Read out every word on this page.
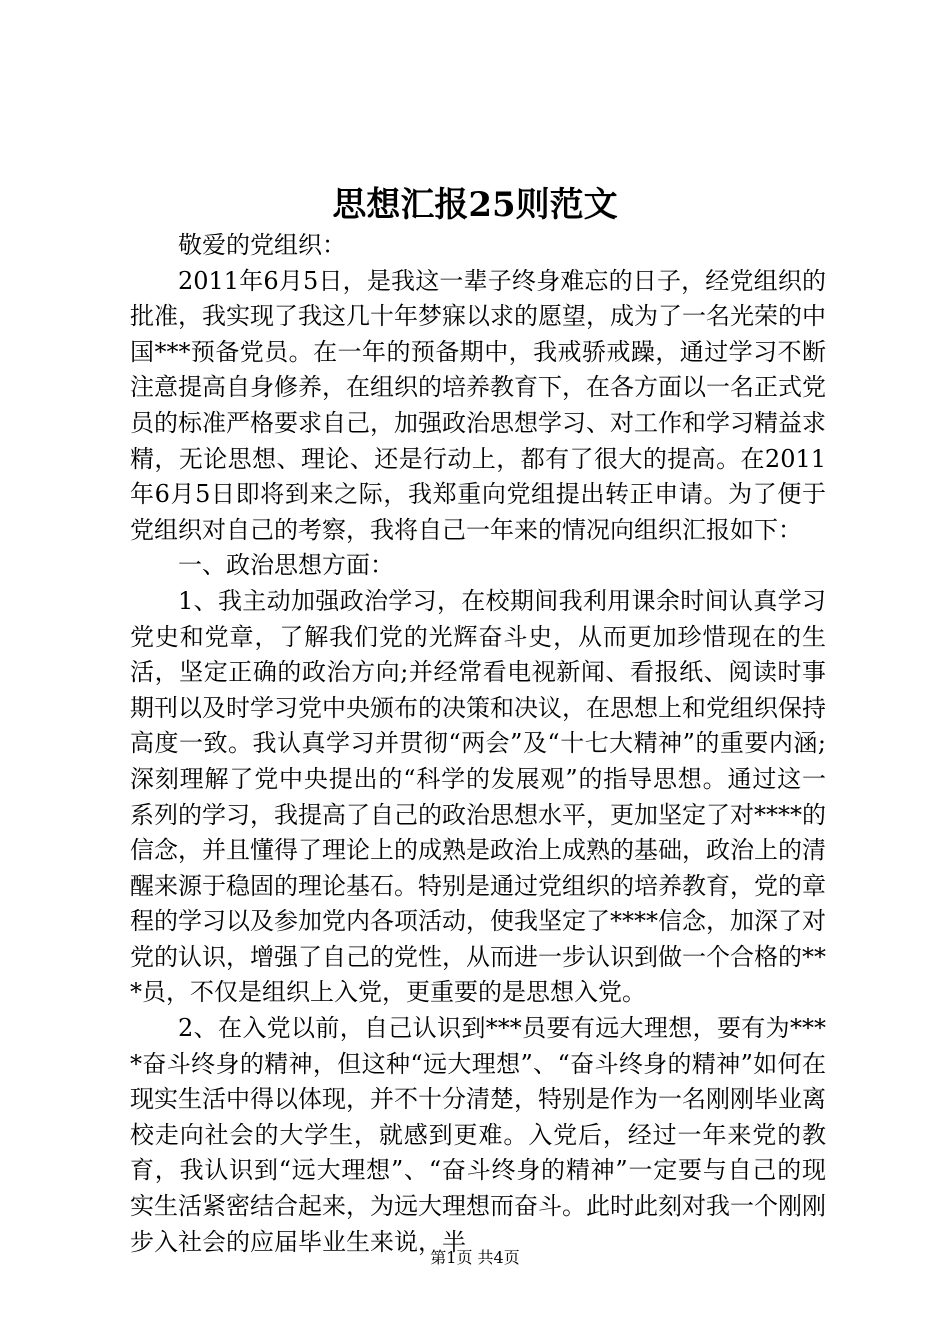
思想汇报25则范文

敬爱的党组织：

2011年6月5日，是我这一辈子终身难忘的日子，经党组织的批准，我实现了我这几十年梦寐以求的愿望，成为了一名光荣的中国***预备党员。在一年的预备期中，我戒骄戒躁，通过学习不断注意提高自身修养，在组织的培养教育下，在各方面以一名正式党员的标准严格要求自己，加强政治思想学习、对工作和学习精益求精，无论思想、理论、还是行动上，都有了很大的提高。在2011年6月5日即将到来之际，我郑重向党组提出转正申请。为了便于党组织对自己的考察，我将自己一年来的情况向组织汇报如下：

一、政治思想方面：

1、我主动加强政治学习，在校期间我利用课余时间认真学习党史和党章，了解我们党的光辉奋斗史，从而更加珍惜现在的生活，坚定正确的政治方向;并经常看电视新闻、看报纸、阅读时事期刊以及时学习党中央颁布的决策和决议，在思想上和党组织保持高度一致。我认真学习并贯彻“两会”及“十七大精神”的重要内涵;深刻理解了党中央提出的“科学的发展观”的指导思想。通过这一系列的学习，我提高了自己的政治思想水平，更加坚定了对****的信念，并且懂得了理论上的成熟是政治上成熟的基础，政治上的清醒来源于稳固的理论基石。特别是通过党组织的培养教育，党的章程的学习以及参加党内各项活动，使我坚定了****信念，加深了对党的认识，增强了自己的党性，从而进一步认识到做一个合格的***员，不仅是组织上入党，更重要的是思想入党。

2、在入党以前，自己认识到***员要有远大理想，要有为****奋斗终身的精神，但这种“远大理想”、“奋斗终身的精神”如何在现实生活中得以体现，并不十分清楚，特别是作为一名刚刚毕业离校走向社会的大学生，就感到更难。入党后，经过一年来党的教育，我认识到“远大理想”、“奋斗终身的精神”一定要与自己的现实生活紧密结合起来，为远大理想而奋斗。此时此刻对我一个刚刚步入社会的应届毕业生来说，半

第1页 共4页
